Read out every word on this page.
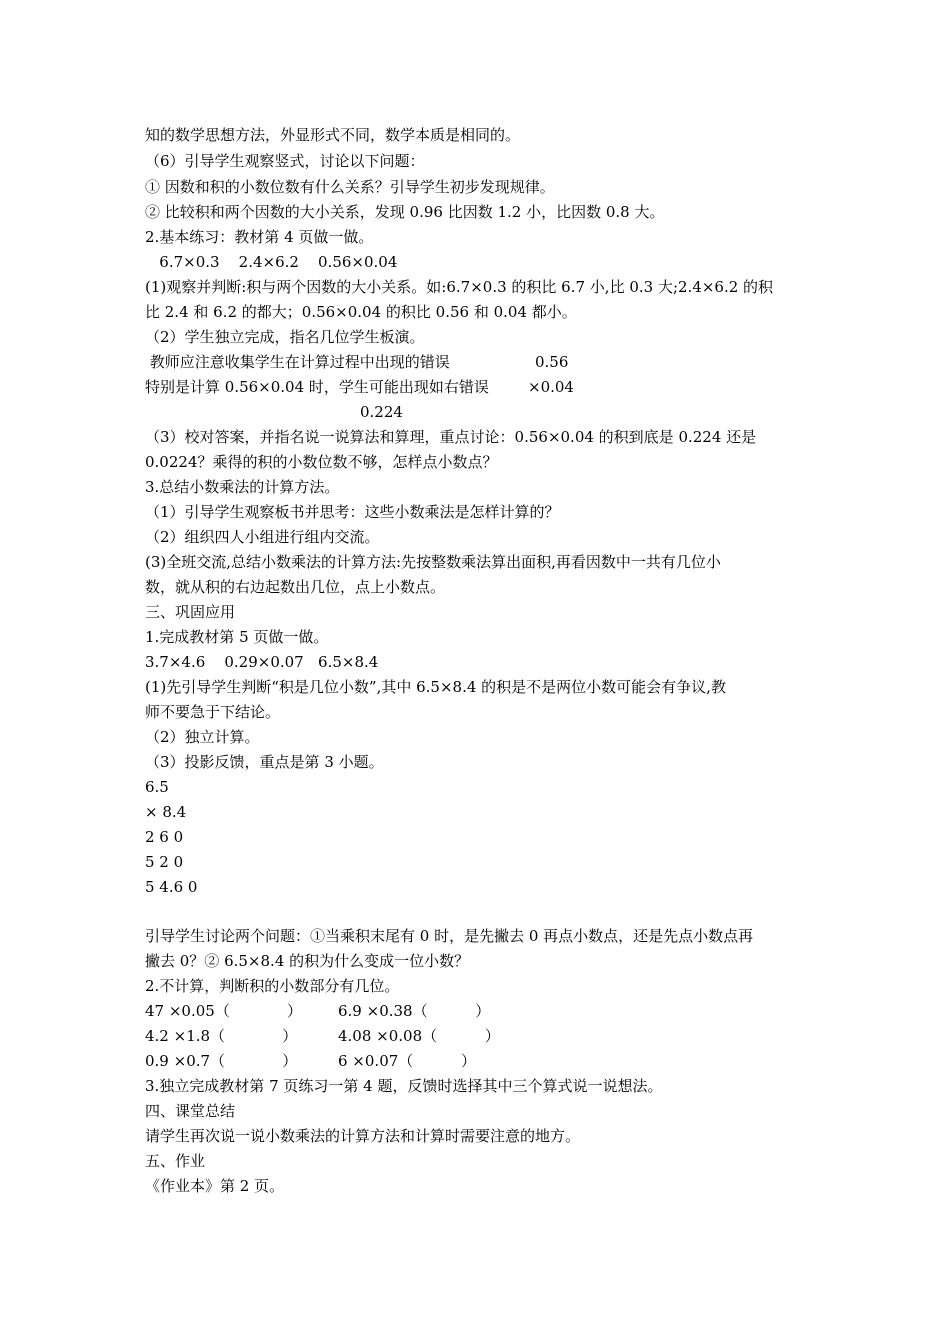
知的数学思想方法，外显形式不同，数学本质是相同的。
（6）引导学生观察竖式，讨论以下问题：
① 因数和积的小数位数有什么关系？引导学生初步发现规律。
② 比较积和两个因数的大小关系，发现 0.96 比因数 1.2 小，比因数 0.8 大。
2.基本练习：教材第 4 页做一做。
6.7×0.3    2.4×6.2    0.56×0.04
(1)观察并判断:积与两个因数的大小关系。如:6.7×0.3 的积比 6.7 小,比 0.3 大;2.4×6.2 的积
比 2.4 和 6.2 的都大；0.56×0.04 的积比 0.56 和 0.04 都小。
（2）学生独立完成，指名几位学生板演。
教师应注意收集学生在计算过程中出现的错误	0.56
特别是计算 0.56×0.04 时，学生可能出现如右错误	×0.04
0.224
（3）校对答案，并指名说一说算法和算理，重点讨论：0.56×0.04 的积到底是 0.224 还是
0.0224？乘得的积的小数位数不够，怎样点小数点？
3.总结小数乘法的计算方法。
（1）引导学生观察板书并思考：这些小数乘法是怎样计算的？
（2）组织四人小组进行组内交流。
(3)全班交流,总结小数乘法的计算方法:先按整数乘法算出面积,再看因数中一共有几位小
数，就从积的右边起数出几位，点上小数点。
三、巩固应用
1.完成教材第 5 页做一做。
3.7×4.6    0.29×0.07   6.5×8.4
(1)先引导学生判断“积是几位小数”,其中 6.5×8.4 的积是不是两位小数可能会有争议,教
师不要急于下结论。
（2）独立计算。
（3）投影反馈，重点是第 3 小题。
6.5
× 8.4
2 6 0
5 2 0
5 4.6 0
引导学生讨论两个问题：①当乘积末尾有 0 时，是先撇去 0 再点小数点，还是先点小数点再
撇去 0？② 6.5×8.4 的积为什么变成一位小数？
2.不计算，判断积的小数部分有几位。
47 ×0.05（            ） 6.9 ×0.38（          ）
4.2 ×1.8（            ）	4.08 ×0.08（          ）
0.9 ×0.7（            ）	6 ×0.07（          ）
3.独立完成教材第 7 页练习一第 4 题，反馈时选择其中三个算式说一说想法。
四、课堂总结
请学生再次说一说小数乘法的计算方法和计算时需要注意的地方。
五、作业
《作业本》第 2 页。
